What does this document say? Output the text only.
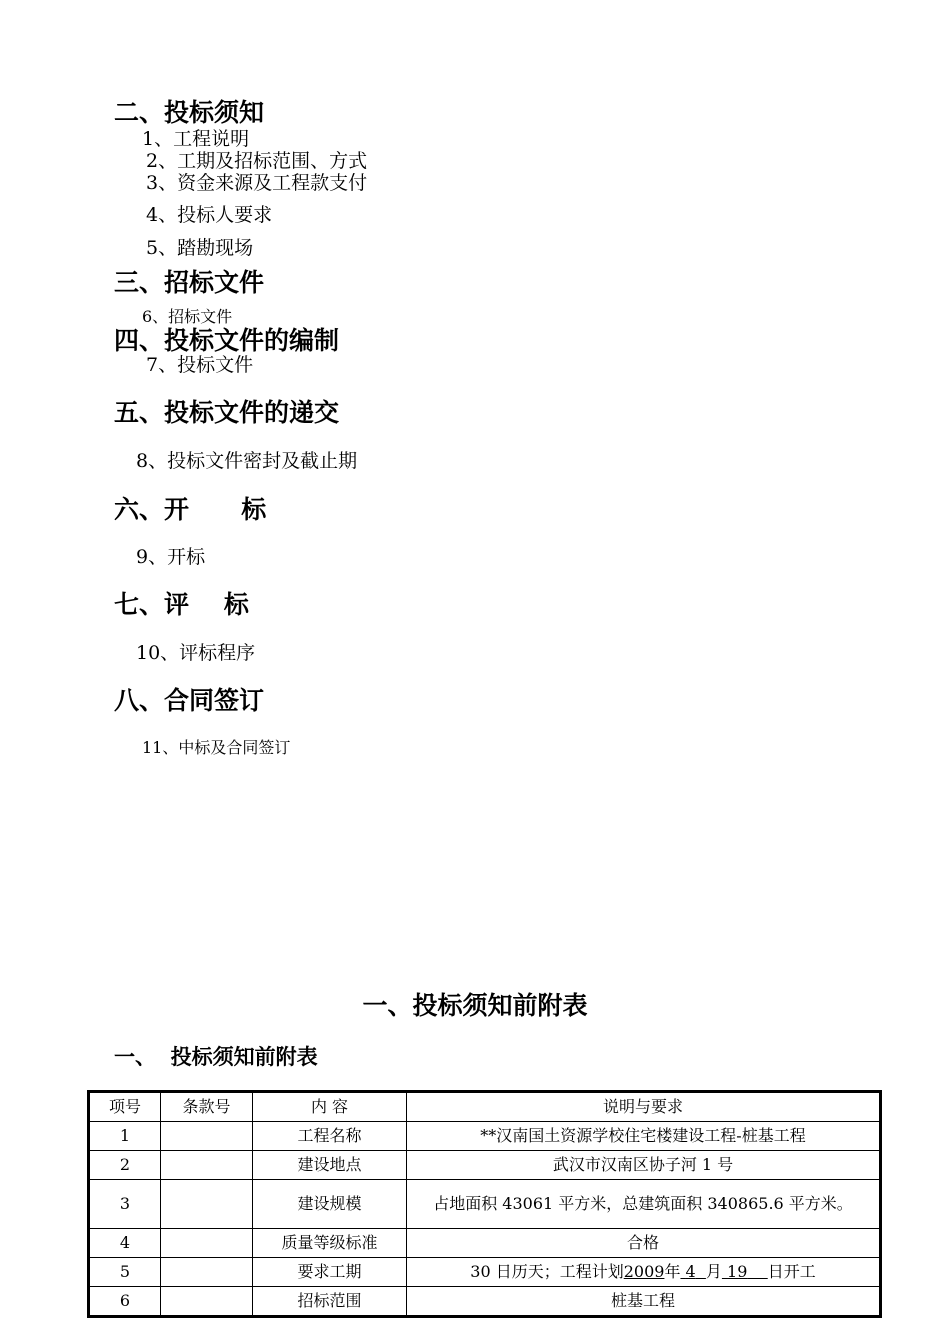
二、投标须知
1、工程说明
2、工期及招标范围、方式
3、资金来源及工程款支付
4、投标人要求
5、踏勘现场
三、招标文件
6、招标文件
四、投标文件的编制
7、投标文件
五、投标文件的递交
8、投标文件密封及截止期
六、开      标
9、开标
七、评    标
10、评标程序
八、合同签订
11、中标及合同签订
一、投标须知前附表
一、  投标须知前附表
项号	条款号	内 容	说明与要求
1		工程名称	**汉南国土资源学校住宅楼建设工程-桩基工程
2		建设地点	武汉市汉南区协子河 1 号
3		建设规模	占地面积 43061 平方米，总建筑面积 340865.6 平方米。
4		质量等级标准	合格
5		要求工期	30 日历天；工程计划2009年 4 月 19 日开工
6		招标范围	桩基工程
